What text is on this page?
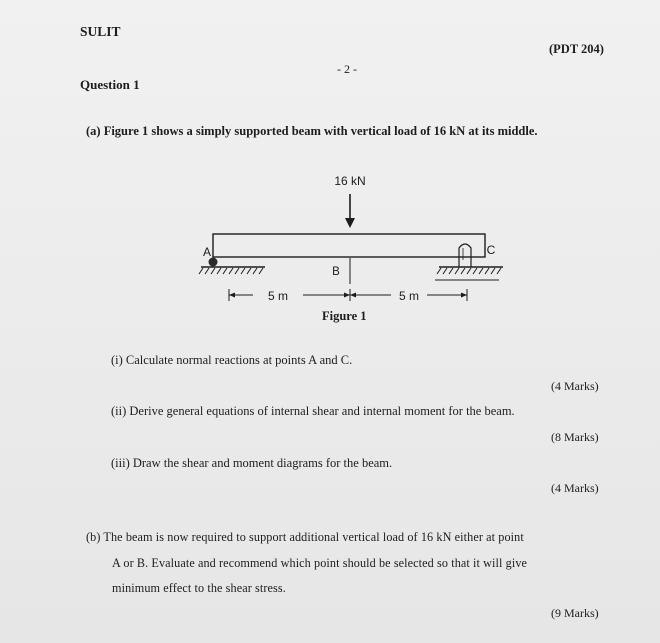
SULIT
(PDT 204)
- 2 -
Question 1
(a) Figure 1 shows a simply supported beam with vertical load of 16 kN at its middle.
16 kN
A
B
C
5 m	5 m
Figure 1
(i) Calculate normal reactions at points A and C.
(4 Marks)
(ii) Derive general equations of internal shear and internal moment for the beam.
(8 Marks)
(iii) Draw the shear and moment diagrams for the beam.
(4 Marks)
(b) The beam is now required to support additional vertical load of 16 kN either at point
A or B. Evaluate and recommend which point should be selected so that it will give
minimum effect to the shear stress.
(9 Marks)
